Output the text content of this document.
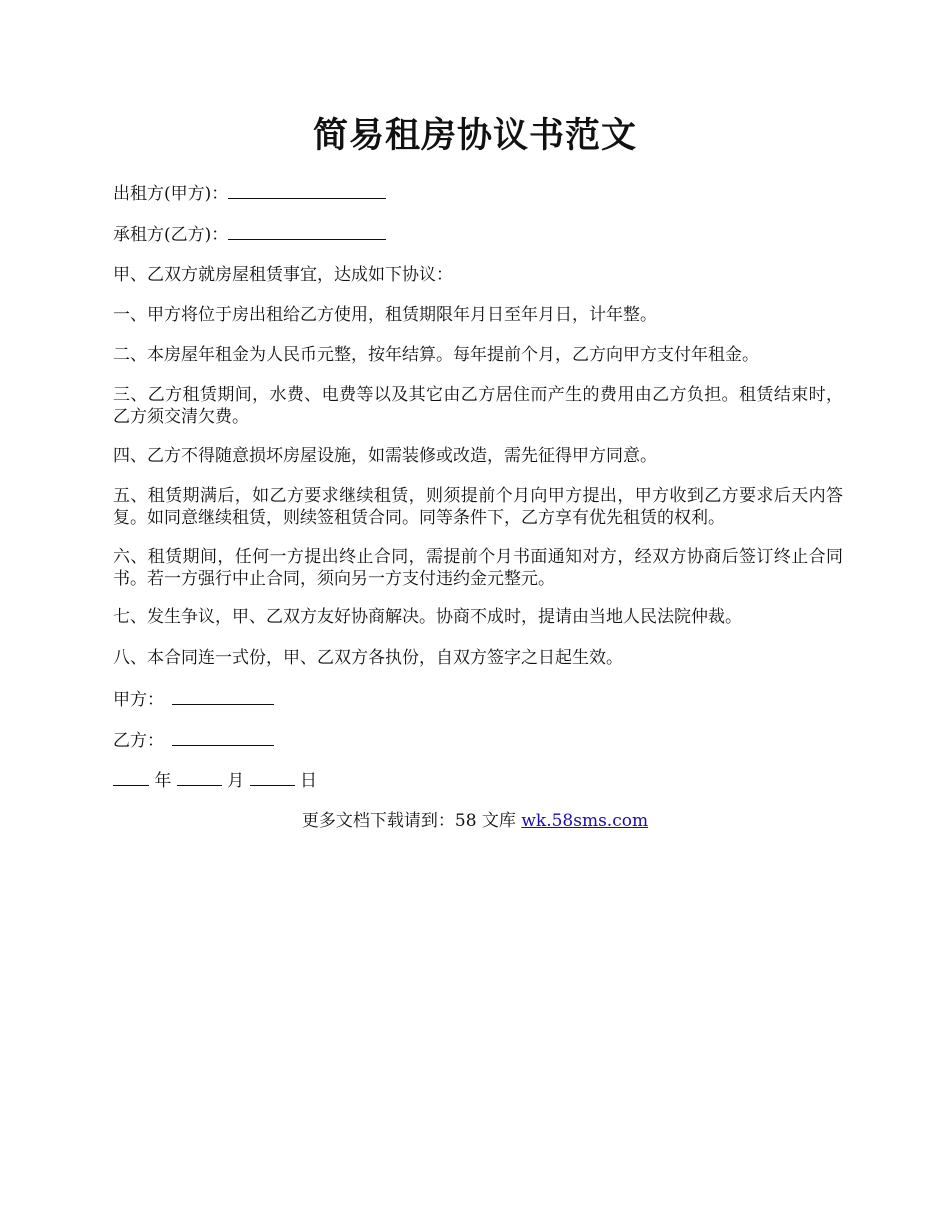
简易租房协议书范文
出租方(甲方)：
承租方(乙方)：
甲、乙双方就房屋租赁事宜，达成如下协议：
一、甲方将位于房出租给乙方使用，租赁期限年月日至年月日，计年整。
二、本房屋年租金为人民币元整，按年结算。每年提前个月，乙方向甲方支付年租金。
三、乙方租赁期间，水费、电费等以及其它由乙方居住而产生的费用由乙方负担。租赁结束时，乙方须交清欠费。
四、乙方不得随意损坏房屋设施，如需装修或改造，需先征得甲方同意。
五、租赁期满后，如乙方要求继续租赁，则须提前个月向甲方提出，甲方收到乙方要求后天内答复。如同意继续租赁，则续签租赁合同。同等条件下，乙方享有优先租赁的权利。
六、租赁期间，任何一方提出终止合同，需提前个月书面通知对方，经双方协商后签订终止合同书。若一方强行中止合同，须向另一方支付违约金元整元。
七、发生争议，甲、乙双方友好协商解决。协商不成时，提请由当地人民法院仲裁。
八、本合同连一式份，甲、乙双方各执份，自双方签字之日起生效。
甲方：
乙方：
年	月	日
更多文档下载请到：58 文库 wk.58sms.com
